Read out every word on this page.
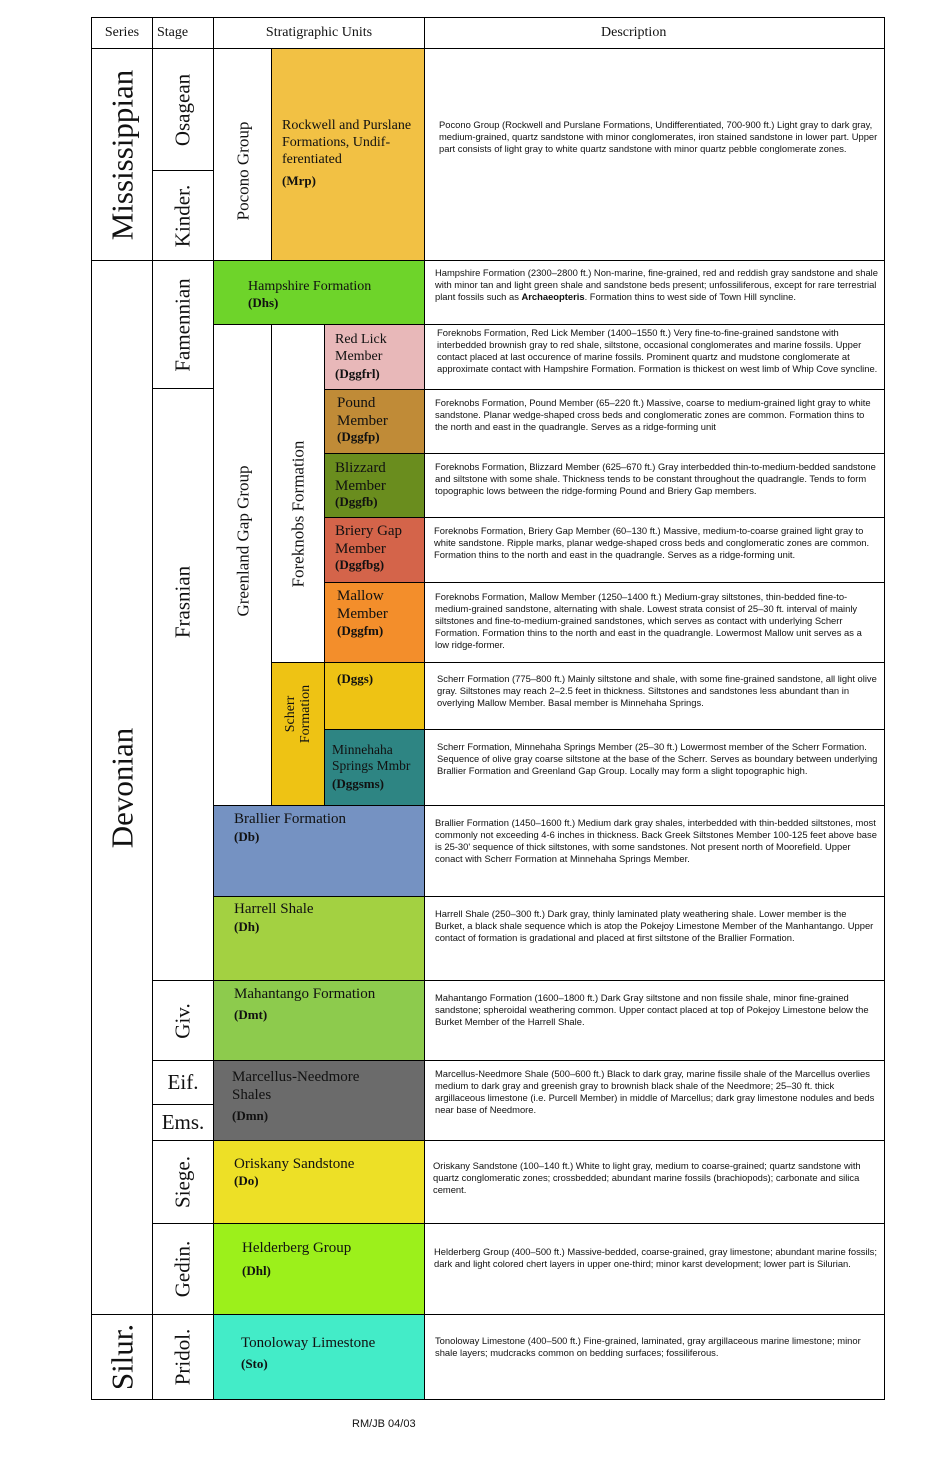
Series Stage	Stratigraphic Units	Description
Mississippian
Devonian
Silur.
Osagean
Kinder.
Famennian
Frasnian
Giv.
Eif.
Ems.
Siege.
Gedin.
Pridol.
Pocono Group
Greenland Gap Group Foreknobs Formation
Scherr Formation
Rockwell and Purslane Formations, Undif-ferentiated
(Mrp)
Hampshire Formation
(Dhs)
Red Lick Member
(Dggfrl)
Pound Member
(Dggfp)
Blizzard Member
(Dggfb)
Briery Gap Member
(Dggfbg)
Mallow Member
(Dggfm)
(Dggs)
Minnehaha Springs Mmbr
(Dggsms)
Brallier Formation
(Db)
Harrell Shale
(Dh)
Mahantango Formation
(Dmt)
Marcellus-Needmore Shales
(Dmn)
Oriskany Sandstone
(Do)
Helderberg Group
(Dhl)
Tonoloway Limestone
(Sto)
Pocono Group (Rockwell and Purslane Formations, Undifferentiated, 700-900 ft.) Light gray to dark gray, medium-grained, quartz sandstone with minor conglomerates, iron stained sandstone in lower part. Upper part consists of light gray to white quartz sandstone with minor quartz pebble conglomerate zones.
Hampshire Formation (2300–2800 ft.) Non-marine, fine-grained, red and reddish gray sandstone and shale with minor tan and light green shale and sandstone beds present; unfossiliferous, except for rare terrestrial plant fossils such as Archaeopteris. Formation thins to west side of Town Hill syncline.
Foreknobs Formation, Red Lick Member (1400–1550 ft.) Very fine-to-fine-grained sandstone with interbedded brownish gray to red shale, siltstone, occasional conglomerates and marine fossils. Upper contact placed at last occurence of marine fossils. Prominent quartz and mudstone conglomerate at approximate contact with Hampshire Formation. Formation is thickest on west limb of Whip Cove syncline.
Foreknobs Formation, Pound Member (65–220 ft.) Massive, coarse to medium-grained light gray to white sandstone. Planar wedge-shaped cross beds and conglomeratic zones are common. Formation thins to the north and east in the quadrangle. Serves as a ridge-forming unit
Foreknobs Formation, Blizzard Member (625–670 ft.) Gray interbedded thin-to-medium-bedded sandstone and siltstone with some shale. Thickness tends to be constant throughout the quadrangle. Tends to form topographic lows between the ridge-forming Pound and Briery Gap members.
Foreknobs Formation, Briery Gap Member (60–130 ft.) Massive, medium-to-coarse grained light gray to white sandstone. Ripple marks, planar wedge-shaped cross beds and conglomeratic zones are common. Formation thins to the north and east in the quadrangle. Serves as a ridge-forming unit.
Foreknobs Formation, Mallow Member (1250–1400 ft.) Medium-gray siltstones, thin-bedded fine-to-medium-grained sandstone, alternating with shale. Lowest strata consist of 25–30 ft. interval of mainly siltstones and fine-to-medium-grained sandstones, which serves as contact with underlying Scherr Formation. Formation thins to the north and east in the quadrangle. Lowermost Mallow unit serves as a low ridge-former.
Scherr Formation (775–800 ft.) Mainly siltstone and shale, with some fine-grained sandstone, all light olive gray. Siltstones may reach 2–2.5 feet in thickness. Siltstones and sandstones less abundant than in overlying Mallow Member. Basal member is Minnehaha Springs.
Scherr Formation, Minnehaha Springs Member (25–30 ft.) Lowermost member of the Scherr Formation. Sequence of olive gray coarse siltstone at the base of the Scherr. Serves as boundary between underlying Brallier Formation and Greenland Gap Group. Locally may form a slight topographic high.
Brallier Formation (1450–1600 ft.) Medium dark gray shales, interbedded with thin-bedded siltstones, most commonly not exceeding 4-6 inches in thickness. Back Greek Siltstones Member 100-125 feet above base is 25-30' sequence of thick siltstones, with some sandstones. Not present north of Moorefield. Upper conact with Scherr Formation at Minnehaha Springs Member.
Harrell Shale (250–300 ft.) Dark gray, thinly laminated platy weathering shale. Lower member is the Burket, a black shale sequence which is atop the Pokejoy Limestone Member of the Manhantango. Upper contact of formation is gradational and placed at first siltstone of the Brallier Formation.
Mahantango Formation (1600–1800 ft.) Dark Gray siltstone and non fissile shale, minor fine-grained sandstone; spheroidal weathering common. Upper contact placed at top of Pokejoy Limestone below the Burket Member of the Harrell Shale.
Marcellus-Needmore Shale (500–600 ft.) Black to dark gray, marine fissile shale of the Marcellus overlies medium to dark gray and greenish gray to brownish black shale of the Needmore; 25–30 ft. thick argillaceous limestone (i.e. Purcell Member) in middle of Marcellus; dark gray limestone nodules and beds near base of Needmore.
Oriskany Sandstone (100–140 ft.) White to light gray, medium to coarse-grained; quartz sandstone with quartz conglomeratic zones; crossbedded; abundant marine fossils (brachiopods); carbonate and silica cement.
Helderberg Group (400–500 ft.) Massive-bedded, coarse-grained, gray limestone; abundant marine fossils; dark and light colored chert layers in upper one-third; minor karst development; lower part is Silurian.
Tonoloway Limestone (400–500 ft.) Fine-grained, laminated, gray argillaceous marine limestone; minor shale layers; mudcracks common on bedding surfaces; fossiliferous.
RM/JB 04/03
